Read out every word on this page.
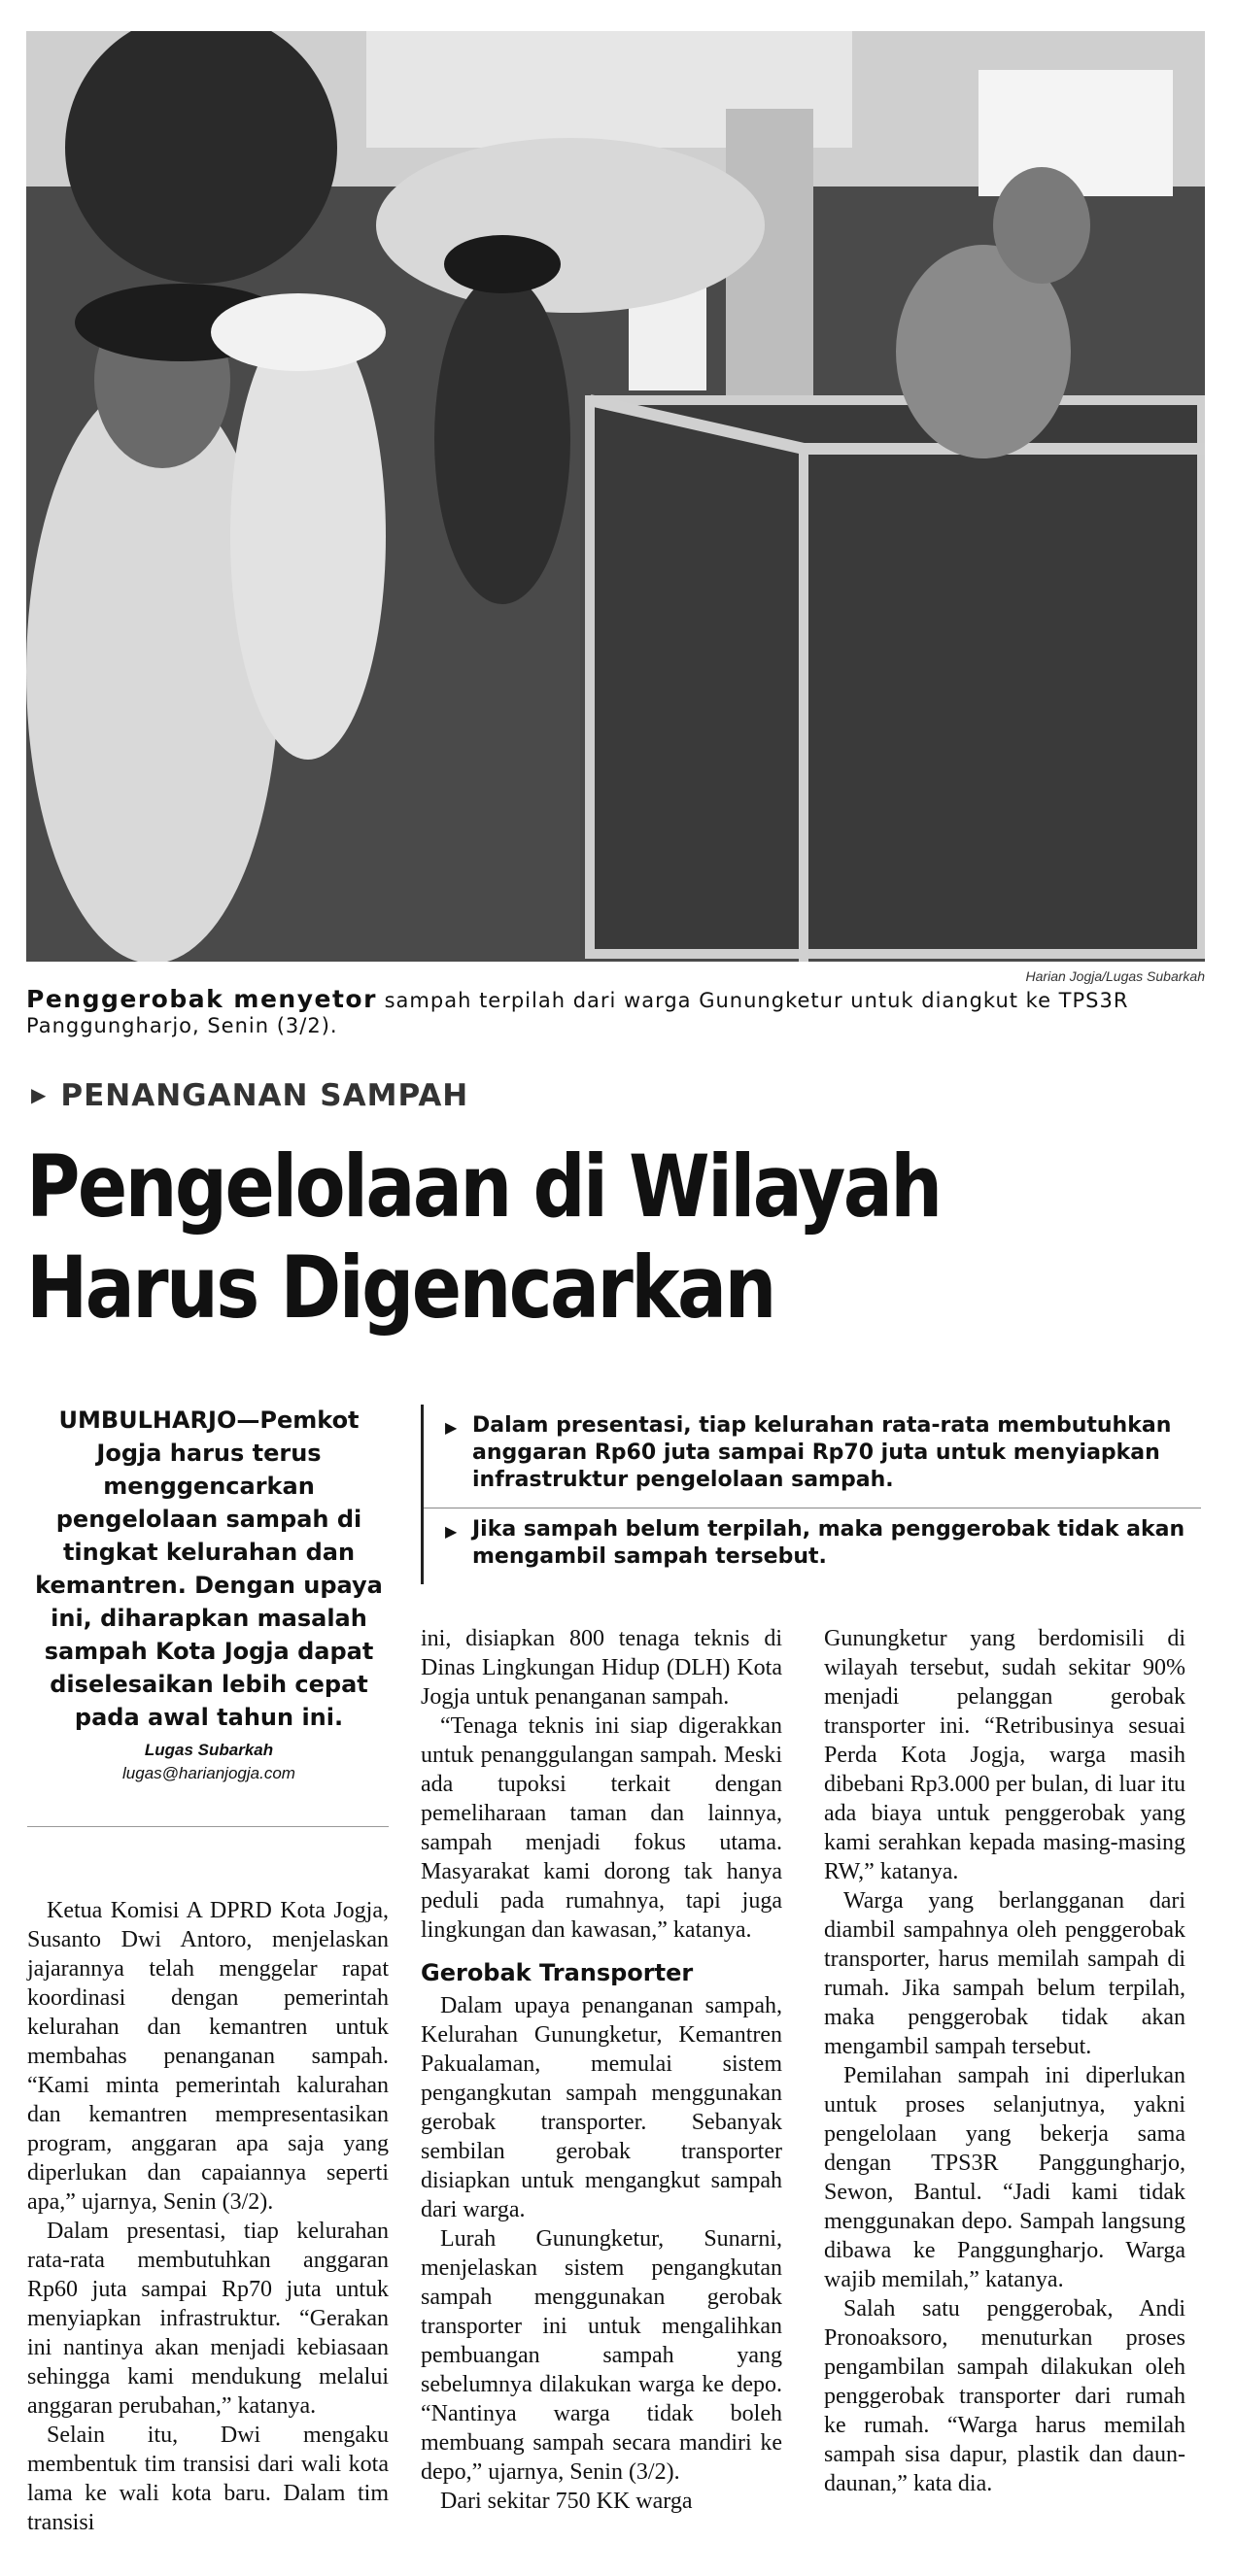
Harian Jogja/Lugas Subarkah
Penggerobak menyetor sampah terpilah dari warga Gunungketur untuk diangkut ke TPS3R Panggungharjo, Senin (3/2).
▶ PENANGANAN SAMPAH
Pengelolaan di Wilayah
Harus Digencarkan
UMBULHARJO—Pemkot Jogja harus terus menggencarkan pengelolaan sampah di tingkat kelurahan dan kemantren. Dengan upaya ini, diharapkan masalah sampah Kota Jogja dapat diselesaikan lebih cepat pada awal tahun ini.
Lugas Subarkah
lugas@harianjogja.com
▶ Dalam presentasi, tiap kelurahan rata-rata membutuhkan anggaran Rp60 juta sampai Rp70 juta untuk menyiapkan infrastruktur pengelolaan sampah.
▶ Jika sampah belum terpilah, maka penggerobak tidak akan mengambil sampah tersebut.

Ketua Komisi A DPRD Kota Jogja, Susanto Dwi Antoro, menjelaskan jajarannya telah menggelar rapat koordinasi dengan pemerintah kelurahan dan kemantren untuk membahas penanganan sampah. “Kami minta pemerintah kalurahan dan kemantren mempresentasikan program, anggaran apa saja yang diperlukan dan capaiannya seperti apa,” ujarnya, Senin (3/2).

Dalam presentasi, tiap kelurahan rata-rata membutuhkan anggaran Rp60 juta sampai Rp70 juta untuk menyiapkan infrastruktur. “Gerakan ini nantinya akan menjadi kebiasaan sehingga kami mendukung melalui anggaran perubahan,” katanya.

Selain itu, Dwi mengaku membentuk tim transisi dari wali kota lama ke wali kota baru. Dalam tim transisi

ini, disiapkan 800 tenaga teknis di Dinas Lingkungan Hidup (DLH) Kota Jogja untuk penanganan sampah.

“Tenaga teknis ini siap digerakkan untuk penanggulangan sampah. Meski ada tupoksi terkait dengan pemeliharaan taman dan lainnya, sampah menjadi fokus utama. Masyarakat kami dorong tak hanya peduli pada rumahnya, tapi juga lingkungan dan kawasan,” katanya.

Gerobak Transporter

Dalam upaya penanganan sampah, Kelurahan Gunungketur, Kemantren Pakualaman, memulai sistem pengangkutan sampah menggunakan gerobak transporter. Sebanyak sembilan gerobak transporter disiapkan untuk mengangkut sampah dari warga.

Lurah Gunungketur, Sunarni, menjelaskan sistem pengangkutan sampah menggunakan gerobak transporter ini untuk mengalihkan pembuangan sampah yang sebelumnya dilakukan warga ke depo. “Nantinya warga tidak boleh membuang sampah secara mandiri ke depo,” ujarnya, Senin (3/2).

Dari sekitar 750 KK warga

Gunungketur yang berdomisili di wilayah tersebut, sudah sekitar 90% menjadi pelanggan gerobak transporter ini. “Retribusinya sesuai Perda Kota Jogja, warga masih dibebani Rp3.000 per bulan, di luar itu ada biaya untuk penggerobak yang kami serahkan kepada masing-masing RW,” katanya.

Warga yang berlangganan dari diambil sampahnya oleh penggerobak transporter, harus memilah sampah di rumah. Jika sampah belum terpilah, maka penggerobak tidak akan mengambil sampah tersebut.

Pemilahan sampah ini diperlukan untuk proses selanjutnya, yakni pengelolaan yang bekerja sama dengan TPS3R Panggungharjo, Sewon, Bantul. “Jadi kami tidak menggunakan depo. Sampah langsung dibawa ke Panggungharjo. Warga wajib memilah,” katanya.

Salah satu penggerobak, Andi Pronoaksoro, menuturkan proses pengambilan sampah dilakukan oleh penggerobak transporter dari rumah ke rumah. “Warga harus memilah sampah sisa dapur, plastik dan daun-daunan,” kata dia.
